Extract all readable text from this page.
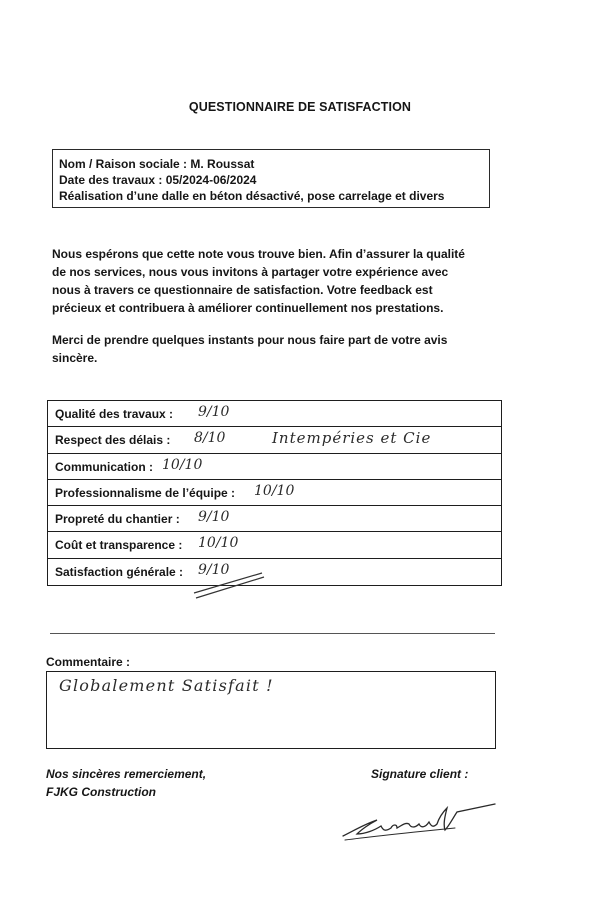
QUESTIONNAIRE DE SATISFACTION
Nom / Raison sociale : M. Roussat
Date des travaux : 05/2024-06/2024
Réalisation d’une dalle en béton désactivé, pose carrelage et divers
Nous espérons que cette note vous trouve bien. Afin d’assurer la qualité
de nos services, nous vous invitons à partager votre expérience avec
nous à travers ce questionnaire de satisfaction. Votre feedback est
précieux et contribuera à améliorer continuellement nos prestations.
Merci de prendre quelques instants pour nous faire part de votre avis
sincère.
Qualité des travaux : 9/10
Respect des délais : 8/10	Intempéries et Cie
Communication : 10/10
Professionnalisme de l’équipe : 10/10
Propreté du chantier : 9/10
Coût et transparence : 10/10
Satisfaction générale : 9/10
Commentaire :
Globalement Satisfait !
Nos sincères remerciement,
FJKG Construction
Signature client :
